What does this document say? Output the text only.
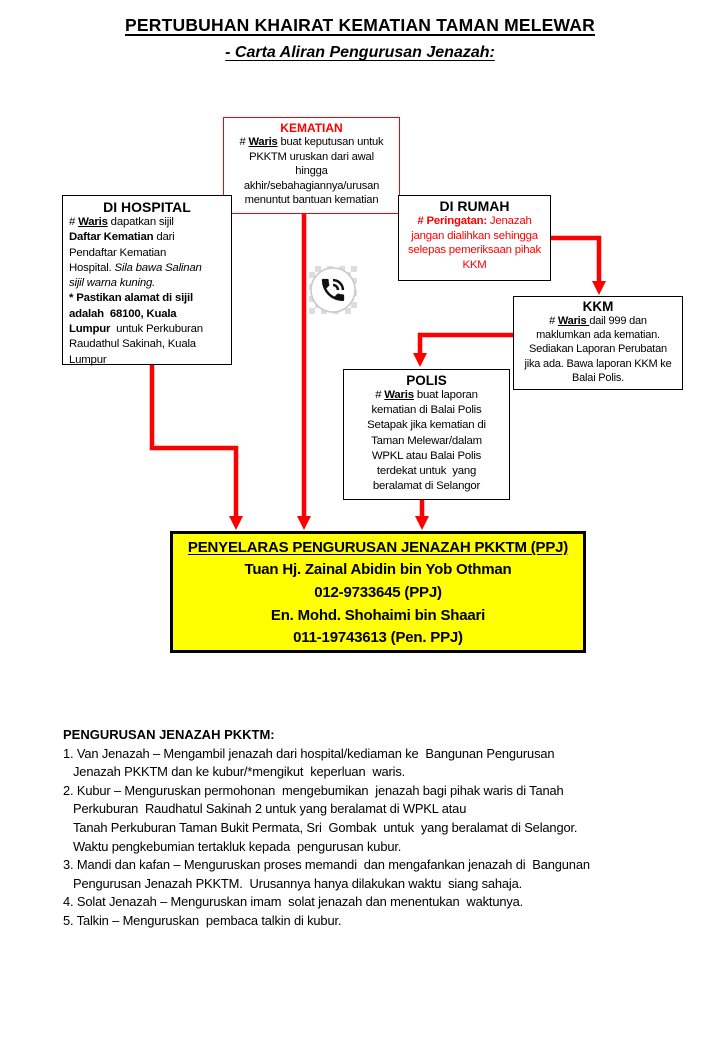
PERTUBUHAN KHAIRAT KEMATIAN TAMAN MELEWAR
- Carta Aliran Pengurusan Jenazah:
KEMATIAN
# Waris buat keputusan untuk
PKKTM uruskan dari awal
hingga
akhir/sebahagiannya/urusan
menuntut bantuan kematian
DI HOSPITAL
# Waris dapatkan sijil
Daftar Kematian dari
Pendaftar Kematian
Hospital. Sila bawa Salinan
sijil warna kuning.
* Pastikan alamat di sijil
adalah  68100, Kuala
Lumpur  untuk Perkuburan
Raudathul Sakinah, Kuala
Lumpur
DI RUMAH
# Peringatan: Jenazah
jangan dialihkan sehingga
selepas pemeriksaan pihak
KKM
KKM
# Waris dail 999 dan
maklumkan ada kematian.
Sediakan Laporan Perubatan
jika ada. Bawa laporan KKM ke
Balai Polis.
POLIS
# Waris buat laporan
kematian di Balai Polis
Setapak jika kematian di
Taman Melewar/dalam
WPKL atau Balai Polis
terdekat untuk  yang
beralamat di Selangor
PENYELARAS PENGURUSAN JENAZAH PKKTM (PPJ)
Tuan Hj. Zainal Abidin bin Yob Othman
012-9733645 (PPJ)
En. Mohd. Shohaimi bin Shaari
011-19743613 (Pen. PPJ)
PENGURUSAN JENAZAH PKKTM:
1. Van Jenazah – Mengambil jenazah dari hospital/kediaman ke  Bangunan Pengurusan
Jenazah PKKTM dan ke kubur/*mengikut  keperluan  waris.
2. Kubur – Menguruskan permohonan  mengebumikan  jenazah bagi pihak waris di Tanah
Perkuburan  Raudhatul Sakinah 2 untuk yang beralamat di WPKL atau
Tanah Perkuburan Taman Bukit Permata, Sri  Gombak  untuk  yang beralamat di Selangor.
Waktu pengkebumian tertakluk kepada  pengurusan kubur.
3. Mandi dan kafan – Menguruskan proses memandi  dan mengafankan jenazah di  Bangunan
Pengurusan Jenazah PKKTM.  Urusannya hanya dilakukan waktu  siang sahaja.
4. Solat Jenazah – Menguruskan imam  solat jenazah dan menentukan  waktunya.
5. Talkin – Menguruskan  pembaca talkin di kubur.
